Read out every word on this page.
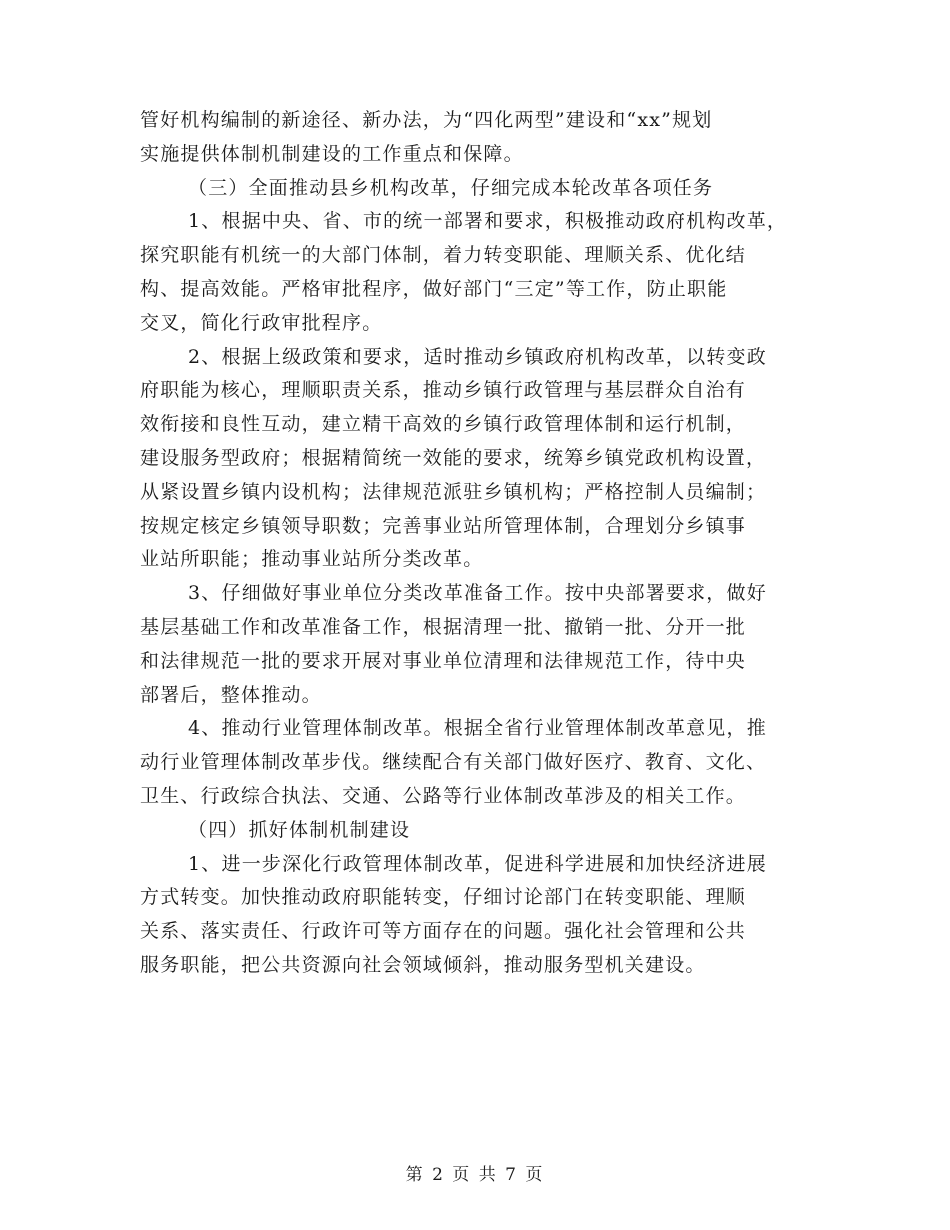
管好机构编制的新途径、新办法，为“四化两型”建设和“xx”规划
实施提供体制机制建设的工作重点和保障。
（三）全面推动县乡机构改革，仔细完成本轮改革各项任务
1、根据中央、省、市的统一部署和要求，积极推动政府机构改革，
探究职能有机统一的大部门体制，着力转变职能、理顺关系、优化结
构、提高效能。严格审批程序，做好部门“三定”等工作，防止职能
交叉，简化行政审批程序。
2、根据上级政策和要求，适时推动乡镇政府机构改革，以转变政
府职能为核心，理顺职责关系，推动乡镇行政管理与基层群众自治有
效衔接和良性互动，建立精干高效的乡镇行政管理体制和运行机制，
建设服务型政府；根据精简统一效能的要求，统筹乡镇党政机构设置，
从紧设置乡镇内设机构；法律规范派驻乡镇机构；严格控制人员编制；
按规定核定乡镇领导职数；完善事业站所管理体制，合理划分乡镇事
业站所职能；推动事业站所分类改革。
3、仔细做好事业单位分类改革准备工作。按中央部署要求，做好
基层基础工作和改革准备工作，根据清理一批、撤销一批、分开一批
和法律规范一批的要求开展对事业单位清理和法律规范工作，待中央
部署后，整体推动。
4、推动行业管理体制改革。根据全省行业管理体制改革意见，推
动行业管理体制改革步伐。继续配合有关部门做好医疗、教育、文化、
卫生、行政综合执法、交通、公路等行业体制改革涉及的相关工作。
（四）抓好体制机制建设
1、进一步深化行政管理体制改革，促进科学进展和加快经济进展
方式转变。加快推动政府职能转变，仔细讨论部门在转变职能、理顺
关系、落实责任、行政许可等方面存在的问题。强化社会管理和公共
服务职能，把公共资源向社会领域倾斜，推动服务型机关建设。
第 2 页 共 7 页
